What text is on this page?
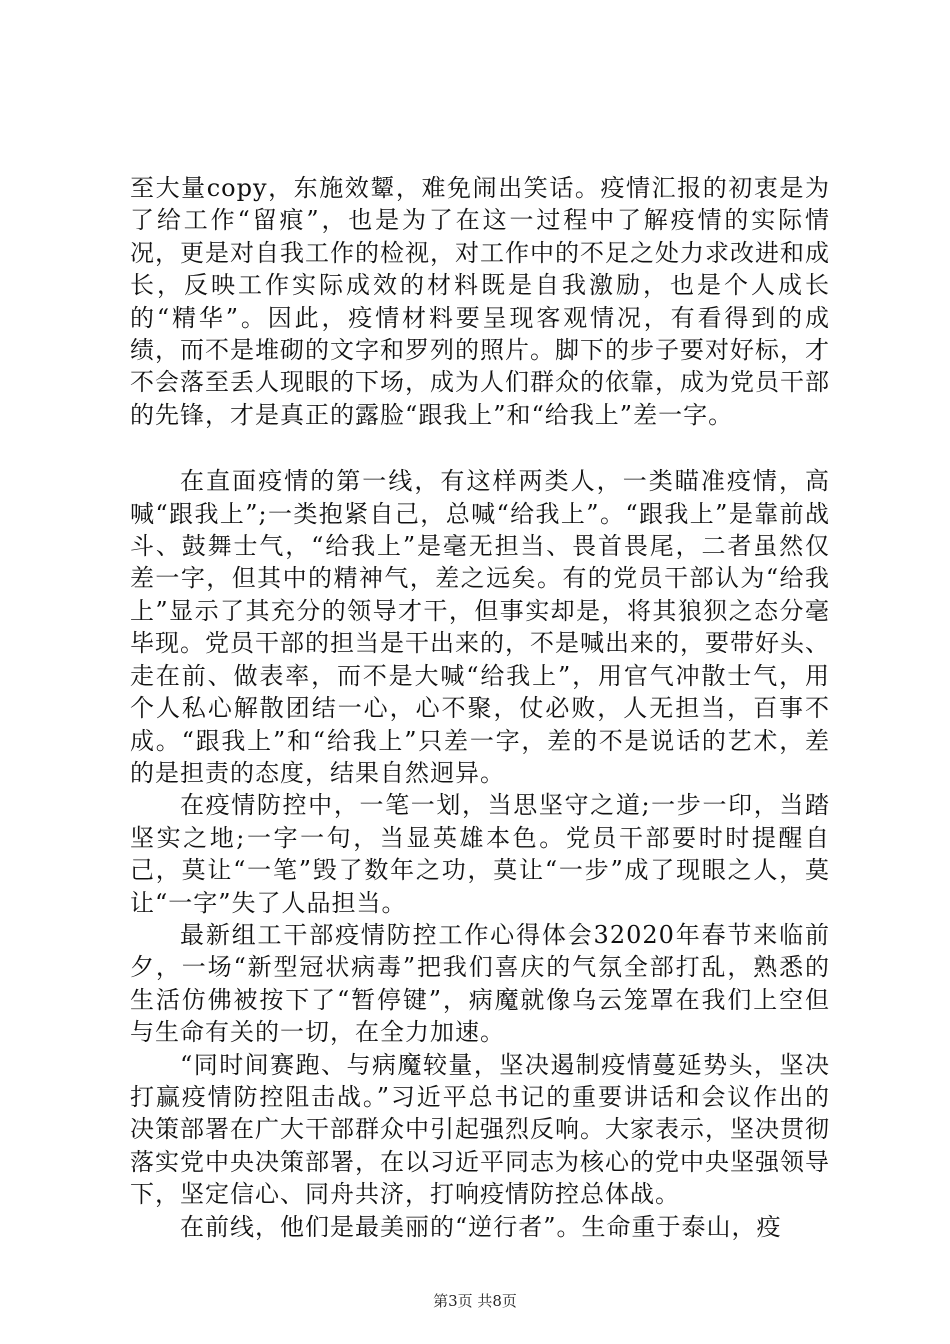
至大量copy，东施效颦，难免闹出笑话。疫情汇报的初衷是为了给工作“留痕”，也是为了在这一过程中了解疫情的实际情况，更是对自我工作的检视，对工作中的不足之处力求改进和成长，反映工作实际成效的材料既是自我激励，也是个人成长的“精华”。因此，疫情材料要呈现客观情况，有看得到的成绩，而不是堆砌的文字和罗列的照片。脚下的步子要对好标，才不会落至丢人现眼的下场，成为人们群众的依靠，成为党员干部的先锋，才是真正的露脸“跟我上”和“给我上”差一字。

在直面疫情的第一线，有这样两类人，一类瞄准疫情，高喊“跟我上”;一类抱紧自己，总喊“给我上”。“跟我上”是靠前战斗、鼓舞士气，“给我上”是毫无担当、畏首畏尾，二者虽然仅差一字，但其中的精神气，差之远矣。有的党员干部认为“给我上”显示了其充分的领导才干，但事实却是，将其狼狈之态分毫毕现。党员干部的担当是干出来的，不是喊出来的，要带好头、走在前、做表率，而不是大喊“给我上”，用官气冲散士气，用个人私心解散团结一心，心不聚，仗必败，人无担当，百事不成。“跟我上”和“给我上”只差一字，差的不是说话的艺术，差的是担责的态度，结果自然迥异。

在疫情防控中，一笔一划，当思坚守之道;一步一印，当踏坚实之地;一字一句，当显英雄本色。党员干部要时时提醒自己，莫让“一笔”毁了数年之功，莫让“一步”成了现眼之人，莫让“一字”失了人品担当。

最新组工干部疫情防控工作心得体会32020年春节来临前夕，一场“新型冠状病毒”把我们喜庆的气氛全部打乱，熟悉的生活仿佛被按下了“暂停键”，病魔就像乌云笼罩在我们上空但与生命有关的一切，在全力加速。

“同时间赛跑、与病魔较量，坚决遏制疫情蔓延势头，坚决打赢疫情防控阻击战。”习近平总书记的重要讲话和会议作出的决策部署在广大干部群众中引起强烈反响。大家表示，坚决贯彻落实党中央决策部署，在以习近平同志为核心的党中央坚强领导下，坚定信心、同舟共济，打响疫情防控总体战。

在前线，他们是最美丽的“逆行者”。生命重于泰山，疫

第3页 共8页
